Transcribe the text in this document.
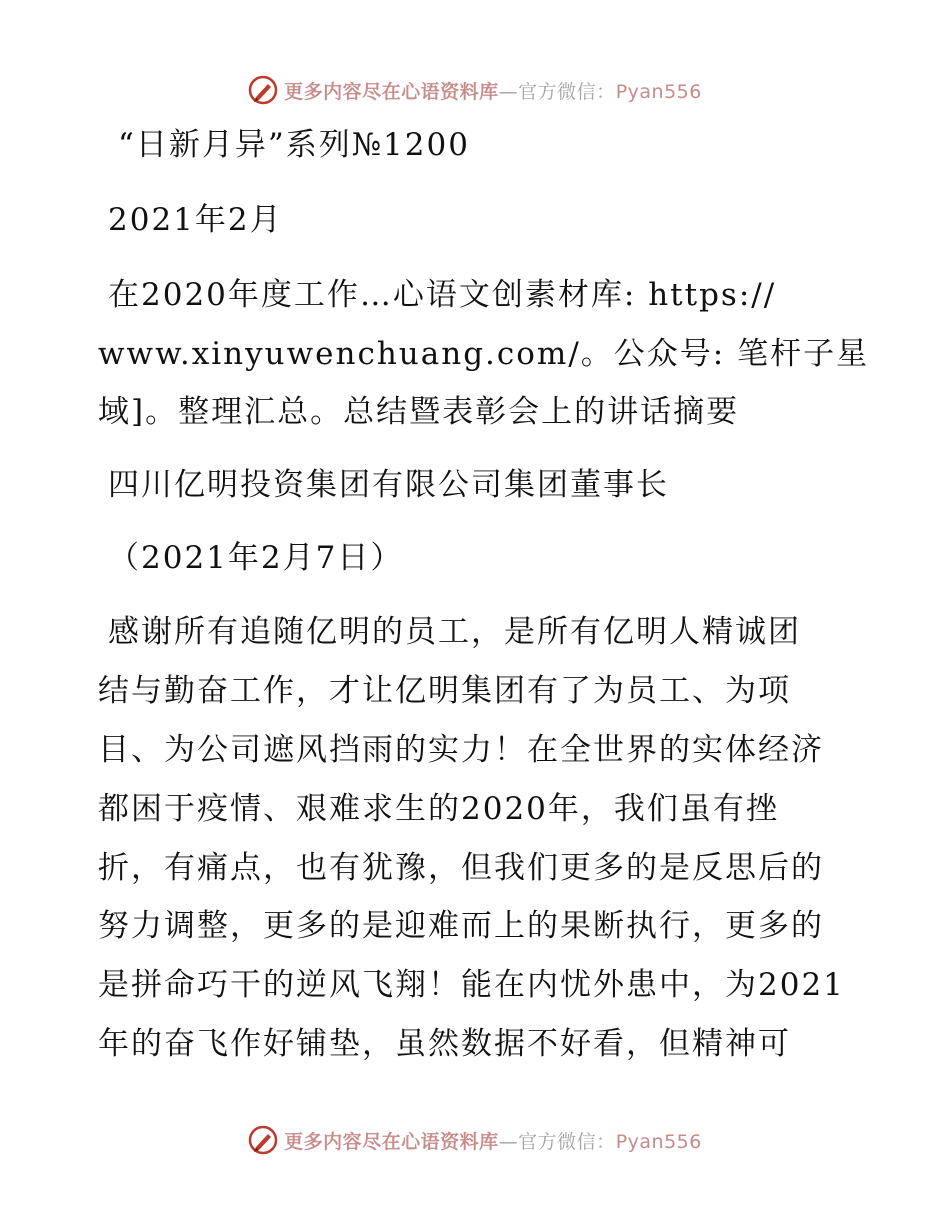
更多内容尽在心语资料库—官方微信：Pyan556
“日新月异”系列№1200
2021年2月
在2020年度工作…心语文创素材库: https://
www.xinyuwenchuang.com/。公众号: 笔杆子星
域]。整理汇总。总结暨表彰会上的讲话摘要
四川亿明投资集团有限公司集团董事长
（2021年2月7日）
感谢所有追随亿明的员工，是所有亿明人精诚团
结与勤奋工作，才让亿明集团有了为员工、为项
目、为公司遮风挡雨的实力！在全世界的实体经济
都困于疫情、艰难求生的2020年，我们虽有挫
折，有痛点，也有犹豫，但我们更多的是反思后的
努力调整，更多的是迎难而上的果断执行，更多的
是拼命巧干的逆风飞翔！能在内忧外患中，为2021
年的奋飞作好铺垫，虽然数据不好看，但精神可
更多内容尽在心语资料库—官方微信：Pyan556
